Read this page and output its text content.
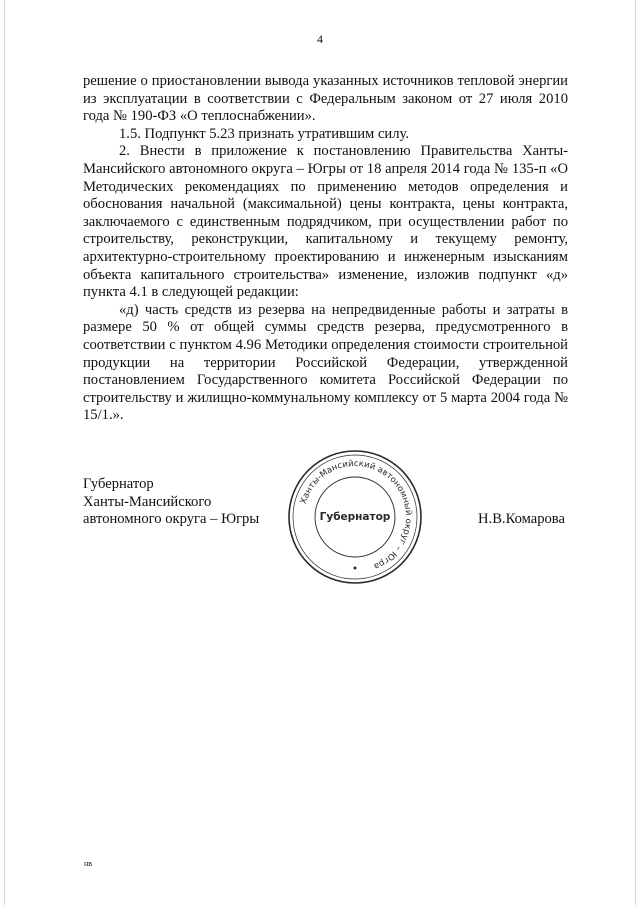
4

решение о приостановлении вывода указанных источников тепловой энергии из эксплуатации в соответствии с Федеральным законом от 27 июля 2010 года № 190-ФЗ «О теплоснабжении».

1.5. Подпункт 5.23 признать утратившим силу.

2. Внести в приложение к постановлению Правительства Ханты-Мансийского автономного округа – Югры от 18 апреля 2014 года № 135-п «О Методических рекомендациях по применению методов определения и обоснования начальной (максимальной) цены контракта, цены контракта, заключаемого с единственным подрядчиком, при осуществлении работ по строительству, реконструкции, капитальному и текущему ремонту, архитектурно-строительному проектированию и инженерным изысканиям объекта капитального строительства» изменение, изложив подпункт «д» пункта 4.1 в следующей редакции:

«д) часть средств из резерва на непредвиденные работы и затраты в размере 50 % от общей суммы средств резерва, предусмотренного в соответствии с пунктом 4.96 Методики определения стоимости строительной продукции на территории Российской Федерации, утвержденной постановлением Государственного комитета Российской Федерации по строительству и жилищно-коммунальному комплексу от 5 марта 2004 года № 15/1.».

Губернатор
Ханты-Мансийского
автономного округа – Югры	Н.В.Комарова
Ханты-Мансийский автономный округ – Югра
Губернатор
нв
